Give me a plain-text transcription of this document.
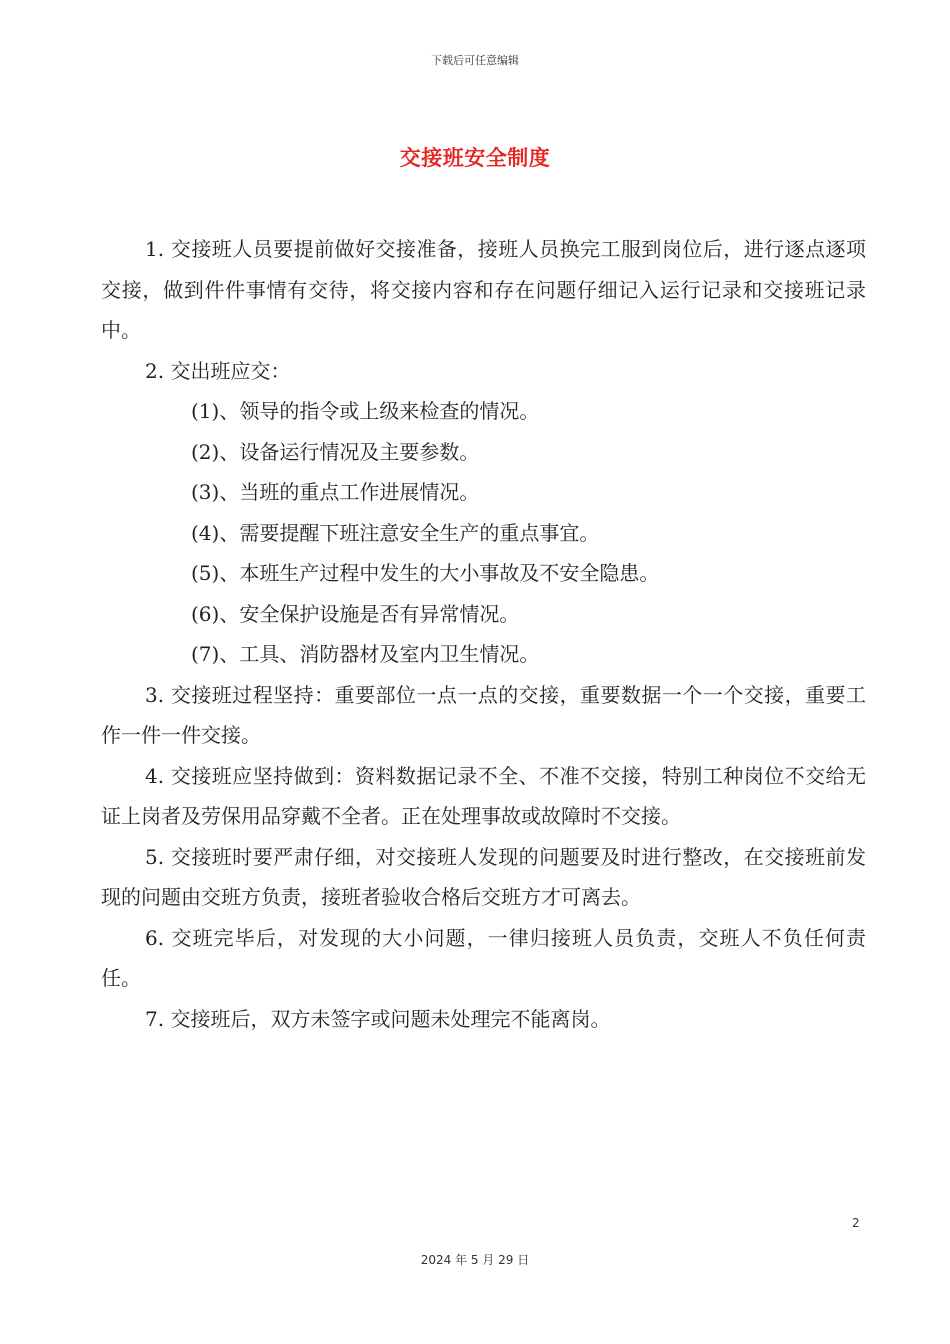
下载后可任意编辑
交接班安全制度

1. 交接班人员要提前做好交接准备，接班人员换完工服到岗位后，进行逐点逐项交接，做到件件事情有交待，将交接内容和存在问题仔细记入运行记录和交接班记录中。

2. 交出班应交：

(1)、领导的指令或上级来检查的情况。

(2)、设备运行情况及主要参数。

(3)、当班的重点工作进展情况。

(4)、需要提醒下班注意安全生产的重点事宜。

(5)、本班生产过程中发生的大小事故及不安全隐患。

(6)、安全保护设施是否有异常情况。

(7)、工具、消防器材及室内卫生情况。

3. 交接班过程坚持：重要部位一点一点的交接，重要数据一个一个交接，重要工作一件一件交接。

4. 交接班应坚持做到：资料数据记录不全、不准不交接，特别工种岗位不交给无证上岗者及劳保用品穿戴不全者。正在处理事故或故障时不交接。

5. 交接班时要严肃仔细，对交接班人发现的问题要及时进行整改，在交接班前发现的问题由交班方负责，接班者验收合格后交班方才可离去。

6. 交班完毕后，对发现的大小问题，一律归接班人员负责，交班人不负任何责任。

7. 交接班后，双方未签字或问题未处理完不能离岗。

2
2024 年 5 月 29 日
